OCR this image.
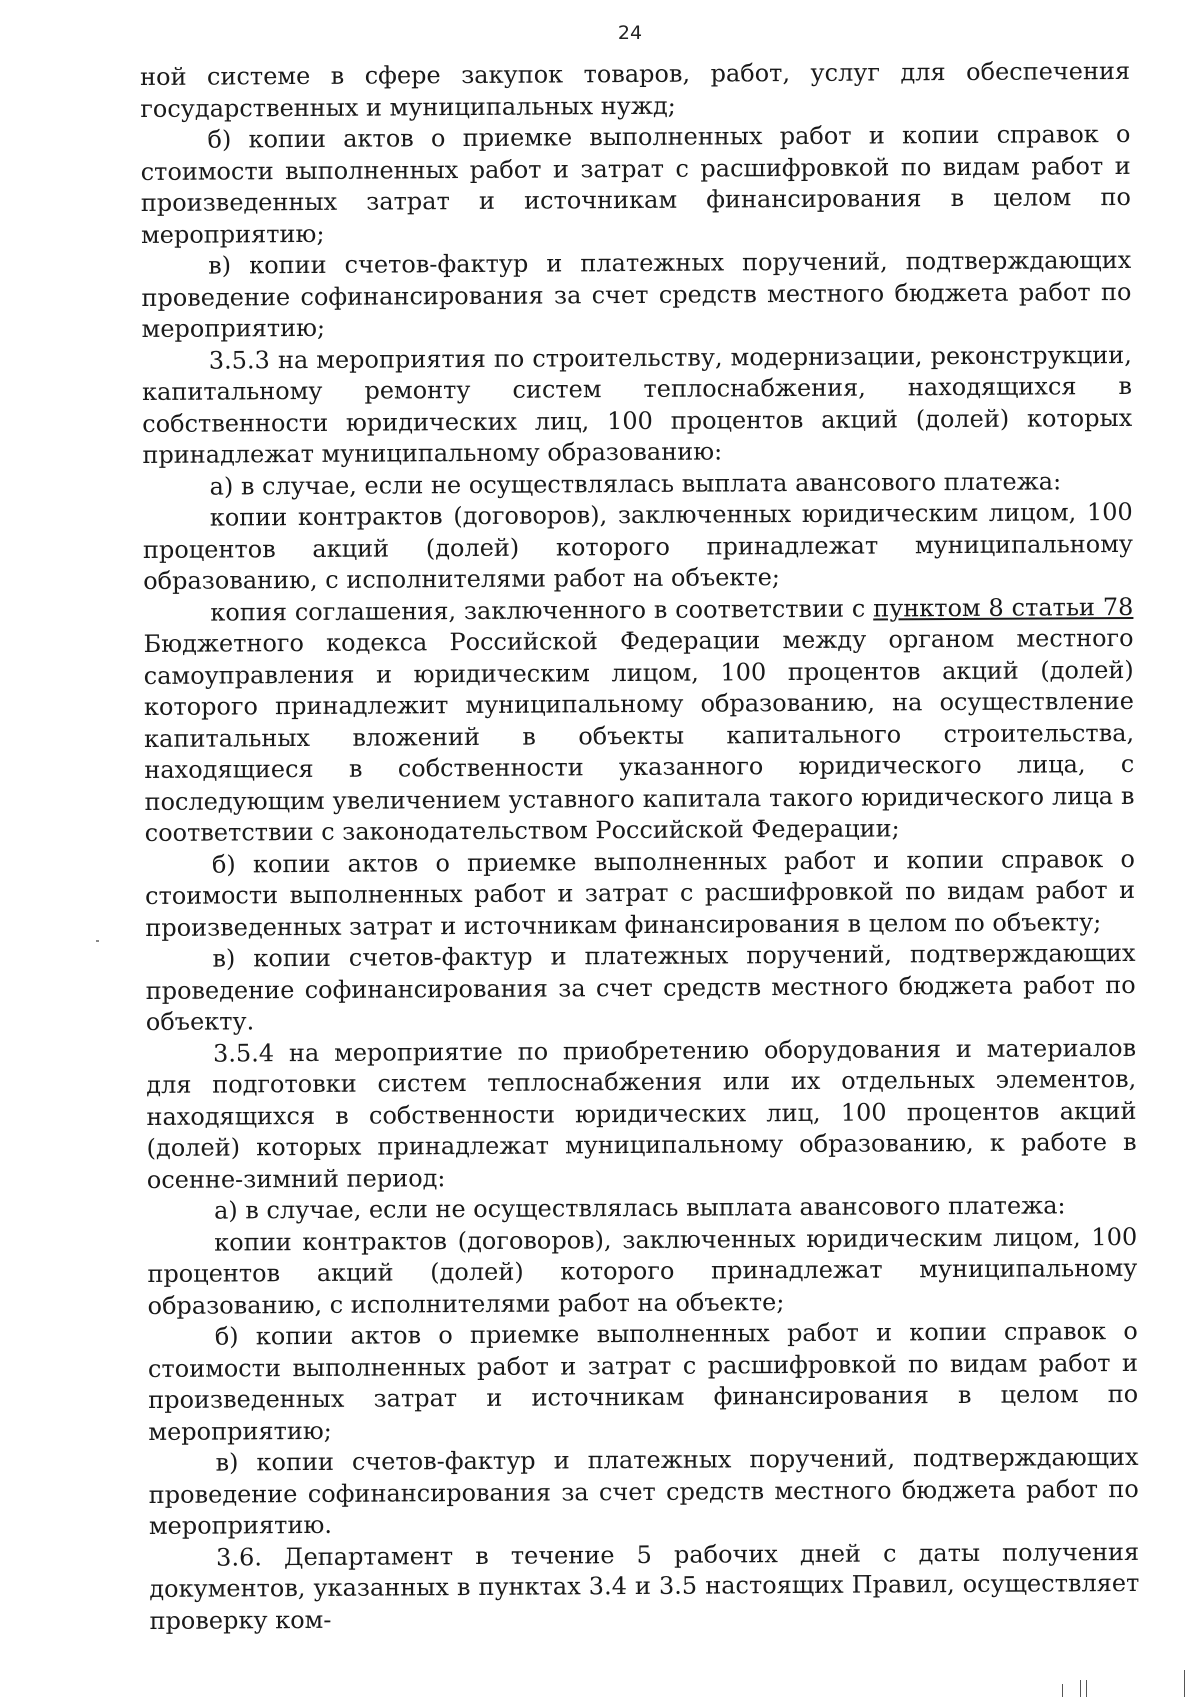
24

ной системе в сфере закупок товаров, работ, услуг для обеспечения государственных и муниципальных нужд;

б) копии актов о приемке выполненных работ и копии справок о стоимости выполненных работ и затрат с расшифровкой по видам работ и произведенных затрат и источникам финансирования в целом по мероприятию;

в) копии счетов-фактур и платежных поручений, подтверждающих проведение софинансирования за счет средств местного бюджета работ по мероприятию;

3.5.3 на мероприятия по строительству, модернизации, реконструкции, капитальному ремонту систем теплоснабжения, находящихся в собственности юридических лиц, 100 процентов акций (долей) которых принадлежат муниципальному образованию:

а) в случае, если не осуществлялась выплата авансового платежа:

копии контрактов (договоров), заключенных юридическим лицом, 100 процентов акций (долей) которого принадлежат муниципальному образованию, с исполнителями работ на объекте;

копия соглашения, заключенного в соответствии с пунктом 8 статьи 78 Бюджетного кодекса Российской Федерации между органом местного самоуправления и юридическим лицом, 100 процентов акций (долей) которого принадлежит муниципальному образованию, на осуществление капитальных вложений в объекты капитального строительства, находящиеся в собственности указанного юридического лица, с последующим увеличением уставного капитала такого юридического лица в соответствии с законодательством Российской Федерации;

б) копии актов о приемке выполненных работ и копии справок о стоимости выполненных работ и затрат с расшифровкой по видам работ и произведенных затрат и источникам финансирования в целом по объекту;

в) копии счетов-фактур и платежных поручений, подтверждающих проведение софинансирования за счет средств местного бюджета работ по объекту.

3.5.4 на мероприятие по приобретению оборудования и материалов для подготовки систем теплоснабжения или их отдельных элементов, находящихся в собственности юридических лиц, 100 процентов акций (долей) которых принадлежат муниципальному образованию, к работе в осенне-зимний период:

а) в случае, если не осуществлялась выплата авансового платежа:

копии контрактов (договоров), заключенных юридическим лицом, 100 процентов акций (долей) которого принадлежат муниципальному образованию, с исполнителями работ на объекте;

б) копии актов о приемке выполненных работ и копии справок о стоимости выполненных работ и затрат с расшифровкой по видам работ и произведенных затрат и источникам финансирования в целом по мероприятию;

в) копии счетов-фактур и платежных поручений, подтверждающих проведение софинансирования за счет средств местного бюджета работ по мероприятию.

3.6. Департамент в течение 5 рабочих дней с даты получения документов, указанных в пунктах 3.4 и 3.5 настоящих Правил, осуществляет проверку ком-
